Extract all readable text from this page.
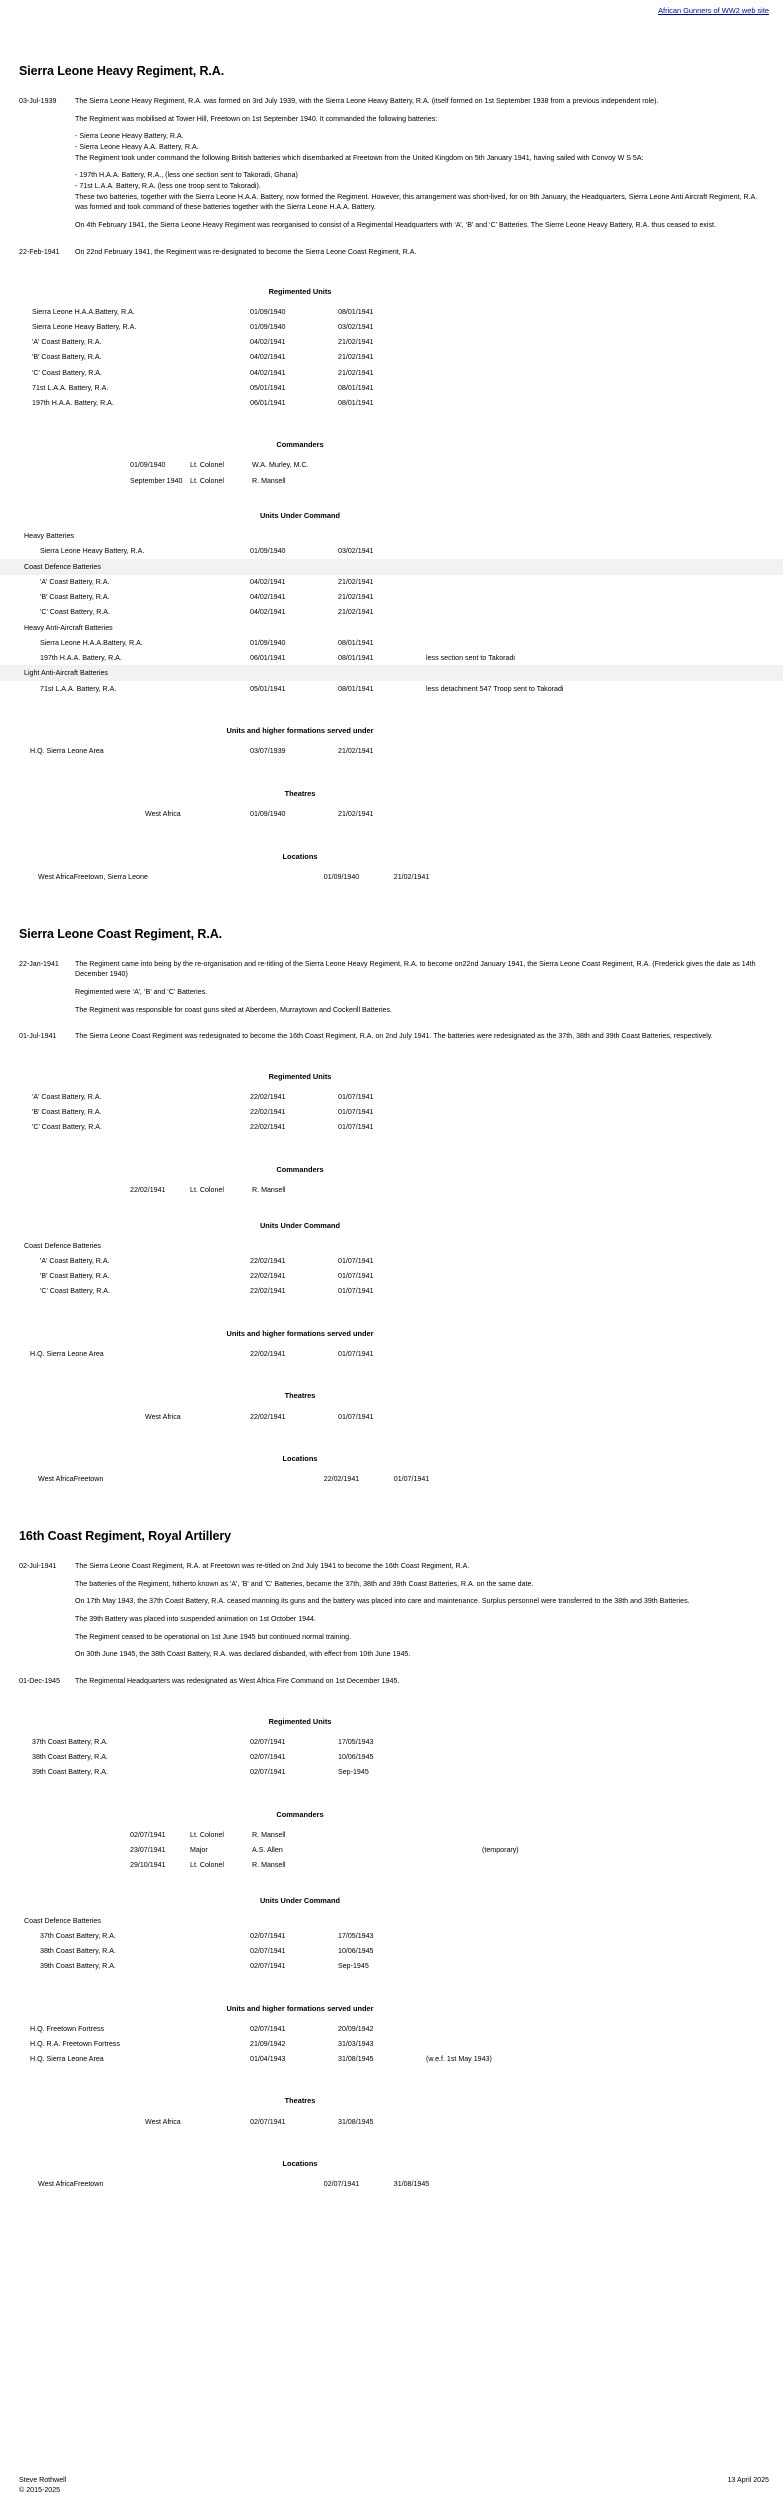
African Gunners of WW2 web site
Sierra Leone Heavy Regiment, R.A.
03-Jul-1939	The Sierra Leone Heavy Regiment, R.A. was formed on 3rd July 1939, with the Sierra Leone Heavy Battery, R.A. (itself formed on 1st September 1938 from a previous independent role).

The Regiment was mobilised at Tower Hill, Freetown on 1st September 1940. It commanded the following batteries:

- Sierra Leone Heavy Battery, R.A.

- Sierra Leone Heavy A.A. Battery, R.A.

The Regiment took under command the following British batteries which disembarked at Freetown from the United Kingdom on 5th January 1941, having sailed with Convoy W S 5A:

- 197th H.A.A. Battery, R.A., (less one section sent to Takoradi, Ghana)

- 71st L.A.A. Battery, R.A. (less one troop sent to Takoradi).

These two batteries, together with the Sierra Leone H.A.A. Battery, now formed the Regiment. However, this arrangement was short-lived, for on 9th January, the Headquarters, Sierra Leone Anti Aircraft Regiment, R.A. was formed and took command of these batteries together with the Sierra Leone H.A.A. Battery.

On 4th February 1941, the Sierra Leone Heavy Regiment was reorganised to consist of a Regimental Headquarters with ‘A’, ‘B’ and ‘C’ Batteries. The Sierre Leone Heavy Battery, R.A. thus ceased to exist.

22-Feb-1941	On 22nd February 1941, the Regiment was re-designated to become the Sierra Leone Coast Regiment, R.A.

Regimented Units
Sierra Leone H.A.A.Battery, R.A.	01/09/1940	08/01/1941	
Sierra Leone Heavy Battery, R.A.	01/09/1940	03/02/1941	
'A' Coast Battery, R.A.	04/02/1941	21/02/1941	
'B' Coast Battery, R.A.	04/02/1941	21/02/1941	
'C' Coast Battery, R.A.	04/02/1941	21/02/1941	
71st L.A.A. Battery, R.A.	05/01/1941	08/01/1941	
197th H.A.A. Battery, R.A.	06/01/1941	08/01/1941	
Commanders
01/09/1940	Lt. Colonel	W.A. Murley, M.C.	
September 1940	Lt. Colonel	R. Mansell	
Units Under Command
Heavy Batteries			
Sierra Leone Heavy Battery, R.A.	01/09/1940	03/02/1941	
Coast Defence Batteries			
'A' Coast Battery, R.A.	04/02/1941	21/02/1941	
'B' Coast Battery, R.A.	04/02/1941	21/02/1941	
'C' Coast Battery, R.A.	04/02/1941	21/02/1941	
Heavy Anti-Aircraft Batteries			
Sierra Leone H.A.A.Battery, R.A.	01/09/1940	08/01/1941	
197th H.A.A. Battery, R.A.	06/01/1941	08/01/1941	less section sent to Takoradi
Light Anti-Aircraft Batteries			
71st L.A.A. Battery, R.A.	05/01/1941	08/01/1941	less detachment 547 Troop sent to Takoradi
Units and higher formations served under
H.Q. Sierra Leone Area	03/07/1939	21/02/1941	
Theatres
West Africa	01/09/1940	21/02/1941	
Locations
West Africa	Freetown, Sierra Leone	01/09/1940	21/02/1941	
Sierra Leone Coast Regiment, R.A.
22-Jan-1941	The Regiment came into being by the re-organisation and re-titling of the Sierra Leone Heavy Regiment, R.A. to become on22nd January 1941, the Sierra Leone Coast Regiment, R.A. (Frederick gives the date as 14th December 1940)

Regimented were ‘A’, ‘B’ and ‘C’ Batteries.

The Regiment was responsible for coast guns sited at Aberdeen, Murraytown and Cockerill Batteries.

01-Jul-1941	The Sierra Leone Coast Regiment was redesignated to become the 16th Coast Regiment, R.A. on 2nd July 1941. The batteries were redesignated as the 37th, 38th and 39th Coast Batteries, respectively.

Regimented Units
'A' Coast Battery, R.A.	22/02/1941	01/07/1941	
'B' Coast Battery, R.A.	22/02/1941	01/07/1941	
'C' Coast Battery, R.A.	22/02/1941	01/07/1941	
Commanders
22/02/1941	Lt. Colonel	R. Mansell	
Units Under Command
Coast Defence Batteries			
'A' Coast Battery, R.A.	22/02/1941	01/07/1941	
'B' Coast Battery, R.A.	22/02/1941	01/07/1941	
'C' Coast Battery, R.A.	22/02/1941	01/07/1941	
Units and higher formations served under
H.Q. Sierra Leone Area	22/02/1941	01/07/1941	
Theatres
West Africa	22/02/1941	01/07/1941	
Locations
West Africa	Freetown	22/02/1941	01/07/1941	
16th Coast Regiment, Royal Artillery
02-Jul-1941	The Sierra Leone Coast Regiment, R.A. at Freetown was re-titled on 2nd July 1941 to become the 16th Coast Regiment, R.A.

The batteries of the Regiment, hitherto known as 'A', 'B' and 'C' Batteries, became the 37th, 38th and 39th Coast Batteries, R.A. on the same date.

On 17th May 1943, the 37th Coast Battery, R.A. ceased manning its guns and the battery was placed into care and maintenance. Surplus personnel were transferred to the 38th and 39th Batteries.

The 39th Battery was placed into suspended animation on 1st October 1944.

The Regiment ceased to be operational on 1st June 1945 but continued normal training.

On 30th June 1945, the 38th Coast Battery, R.A. was declared disbanded, with effect from 10th June 1945.

01-Dec-1945	The Regimental Headquarters was redesignated as West Africa Fire Command on 1st December 1945.

Regimented Units
37th Coast Battery, R.A.	02/07/1941	17/05/1943	
38th Coast Battery, R.A.	02/07/1941	10/06/1945	
39th Coast Battery, R.A.	02/07/1941	Sep-1945	
Commanders
02/07/1941	Lt. Colonel	R. Mansell	
23/07/1941	Major	A.S. Allen	(temporary)
29/10/1941	Lt. Colonel	R. Mansell	
Units Under Command
Coast Defence Batteries			
37th Coast Battery, R.A.	02/07/1941	17/05/1943	
38th Coast Battery, R.A.	02/07/1941	10/06/1945	
39th Coast Battery, R.A.	02/07/1941	Sep-1945	
Units and higher formations served under
H.Q. Freetown Fortress	02/07/1941	20/09/1942	
H.Q. R.A. Freetown Fortress	21/09/1942	31/03/1943	
H.Q. Sierra Leone Area	01/04/1943	31/08/1945	(w.e.f. 1st May 1943)
Theatres
West Africa	02/07/1941	31/08/1945	
Locations
West Africa	Freetown	02/07/1941	31/08/1945	
Steve Rothwell
© 2015-2025
13 April 2025
